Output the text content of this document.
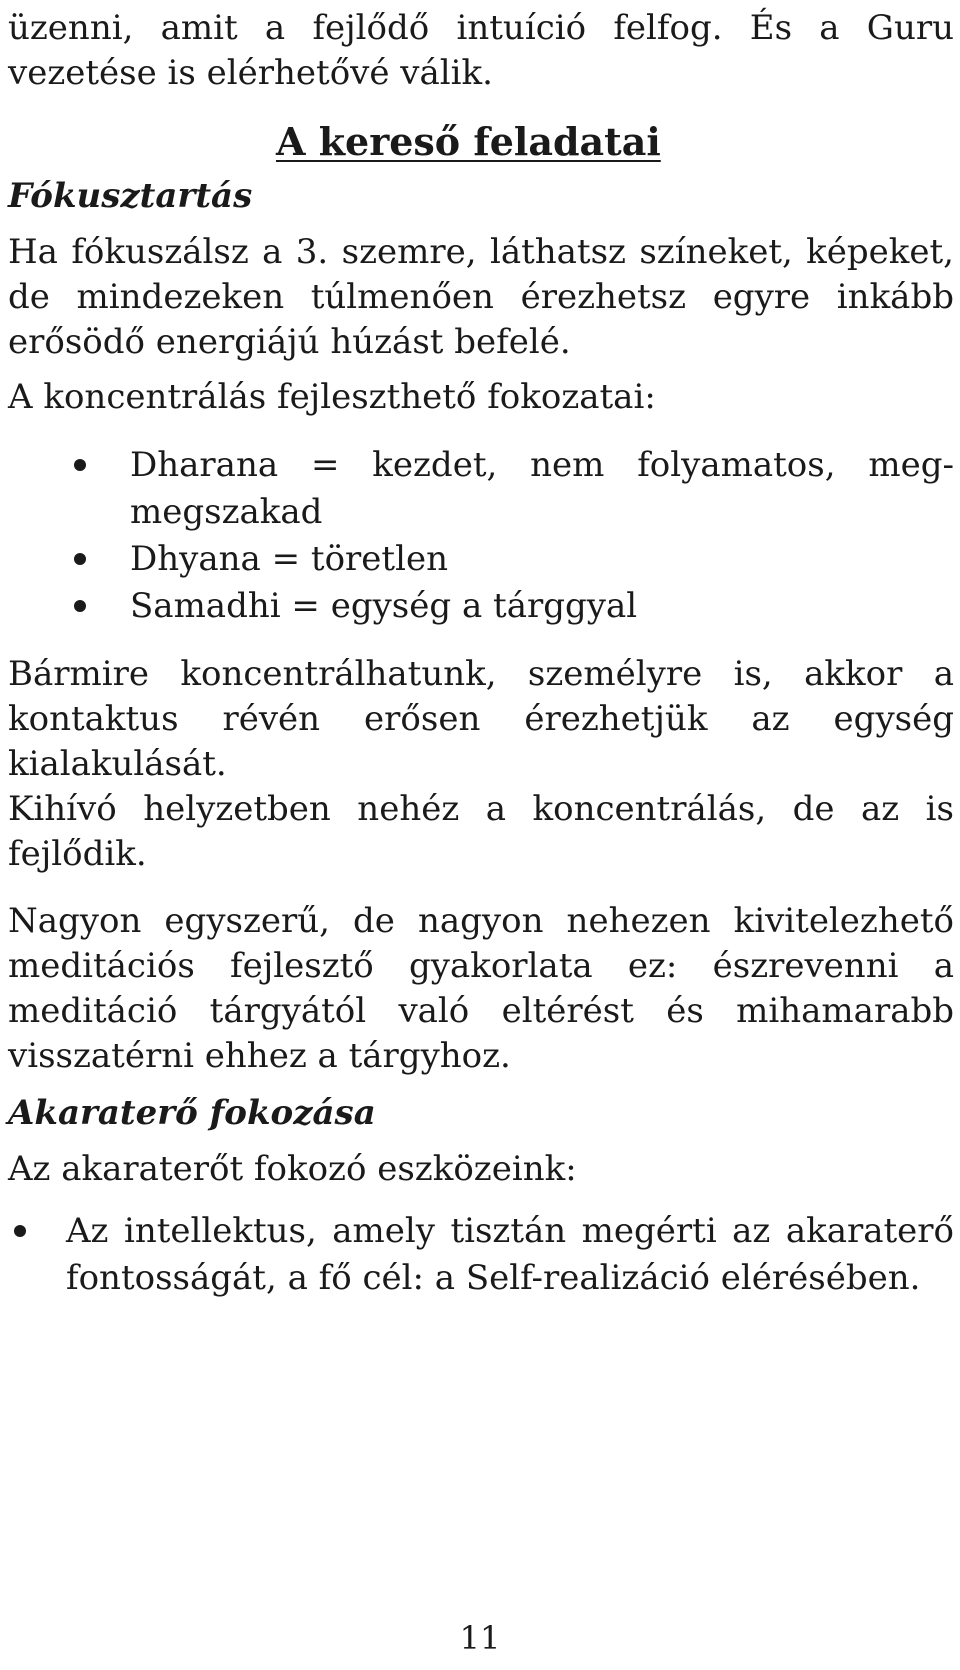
üzenni, amit a fejlődő intuíció felfog. És a Guru vezetése is elérhetővé válik.

A kereső feladatai
Fókusztartás

Ha fókuszálsz a 3. szemre, láthatsz színeket, képeket, de mindezeken túlmenően érezhetsz egyre inkább erősödő energiájú húzást befelé.

A koncentrálás fejleszthető fokozatai:

Dharana = kezdet, nem folyamatos, meg-megszakad
Dhyana = töretlen
Samadhi = egység a tárggyal

Bármire koncentrálhatunk, személyre is, akkor a kontaktus révén erősen érezhetjük az egység kialakulását.

Kihívó helyzetben nehéz a koncentrálás, de az is fejlődik.

Nagyon egyszerű, de nagyon nehezen kivitelezhető meditációs fejlesztő gyakorlata ez: észrevenni a meditáció tárgyától való eltérést és mihamarabb visszatérni ehhez a tárgyhoz.

Akaraterő fokozása

Az akaraterőt fokozó eszközeink:

Az intellektus, amely tisztán megérti az akaraterő fontosságát, a fő cél: a Self-realizáció elérésében.
11
